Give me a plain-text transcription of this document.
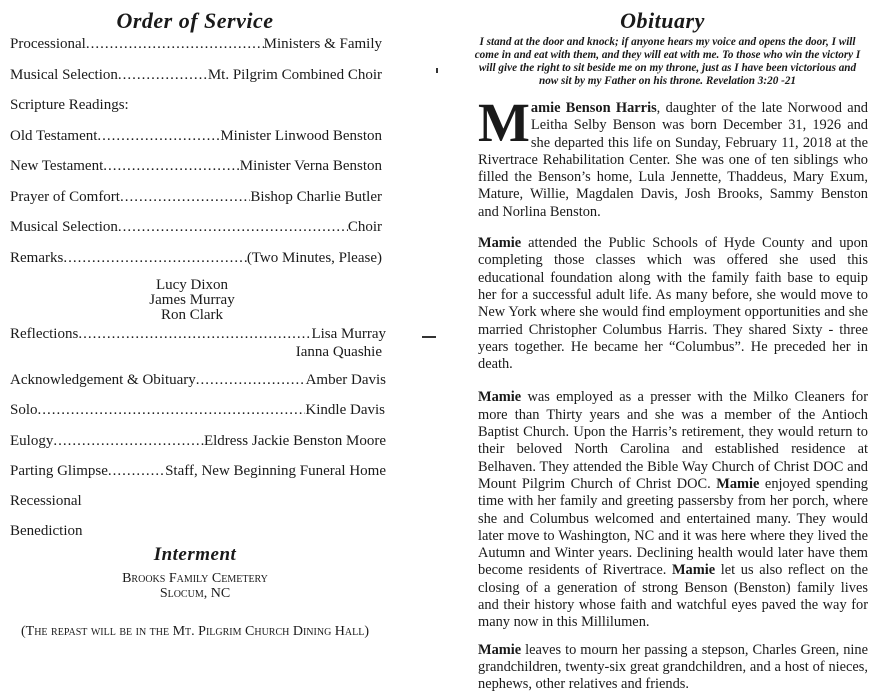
Order of Service
Processional .....	Ministers & Family
Musical Selection .....	Mt. Pilgrim Combined Choir
Scripture Readings:
Old Testament .....	Minister Linwood Benston
New Testament .....	Minister Verna Benston
Prayer of Comfort .....	Bishop Charlie Butler
Musical Selection .....	Choir
Remarks .....	(Two Minutes, Please)
Lucy Dixon
James Murray
Ron Clark
Reflections .....	Lisa Murray
Ianna Quashie
Acknowledgement & Obituary .....	Amber Davis
Solo .....	Kindle Davis
Eulogy .....	Eldress Jackie Benston Moore
Parting Glimpse .....	Staff, New Beginning Funeral Home
Recessional
Benediction
Interment
Brooks Family Cemetery
Slocum, NC
(The repast will be in the Mt. Pilgrim Church Dining Hall)
Obituary
I stand at the door and knock; if anyone hears my voice and opens the door, I will come in and eat with them, and they will eat with me. To those who win the victory I will give the right to sit beside me on my throne, just as I have been victorious and now sit by my Father on his throne. Revelation 3:20 -21
Mamie Benson Harris, daughter of the late Norwood and Leitha Selby Benson was born December 31, 1926 and she departed this life on Sunday, February 11, 2018 at the Rivertrace Rehabilitation Center. She was one of ten siblings who filled the Benson’s home, Lula Jennette, Thaddeus, Mary Exum, Mature, Willie, Magdalen Davis, Josh Brooks, Sammy Benston and Norlina Benston.
Mamie attended the Public Schools of Hyde County and upon completing those classes which was offered she used this educational foundation along with the family faith base to equip her for a successful adult life. As many before, she would move to New York where she would find employment opportunities and she married Christopher Columbus Harris. They shared Sixty - three years together. He became her “Columbus”. He preceded her in death.
Mamie was employed as a presser with the Milko Cleaners for more than Thirty years and she was a member of the Antioch Baptist Church. Upon the Harris’s retirement, they would return to their beloved North Carolina and established residence at Belhaven. They attended the Bible Way Church of Christ DOC and Mount Pilgrim Church of Christ DOC. Mamie enjoyed spending time with her family and greeting passersby from her porch, where she and Columbus welcomed and entertained many. They would later move to Washington, NC and it was here where they lived the Autumn and Winter years. Declining health would later have them become residents of Rivertrace. Mamie let us also reflect on the closing of a generation of strong Benson (Benston) family lives and their history whose faith and watchful eyes paved the way for many now in this Millilumen.
Mamie leaves to mourn her passing a stepson, Charles Green, nine grandchildren, twenty-six great grandchildren, and a host of nieces, nephews, other relatives and friends.
